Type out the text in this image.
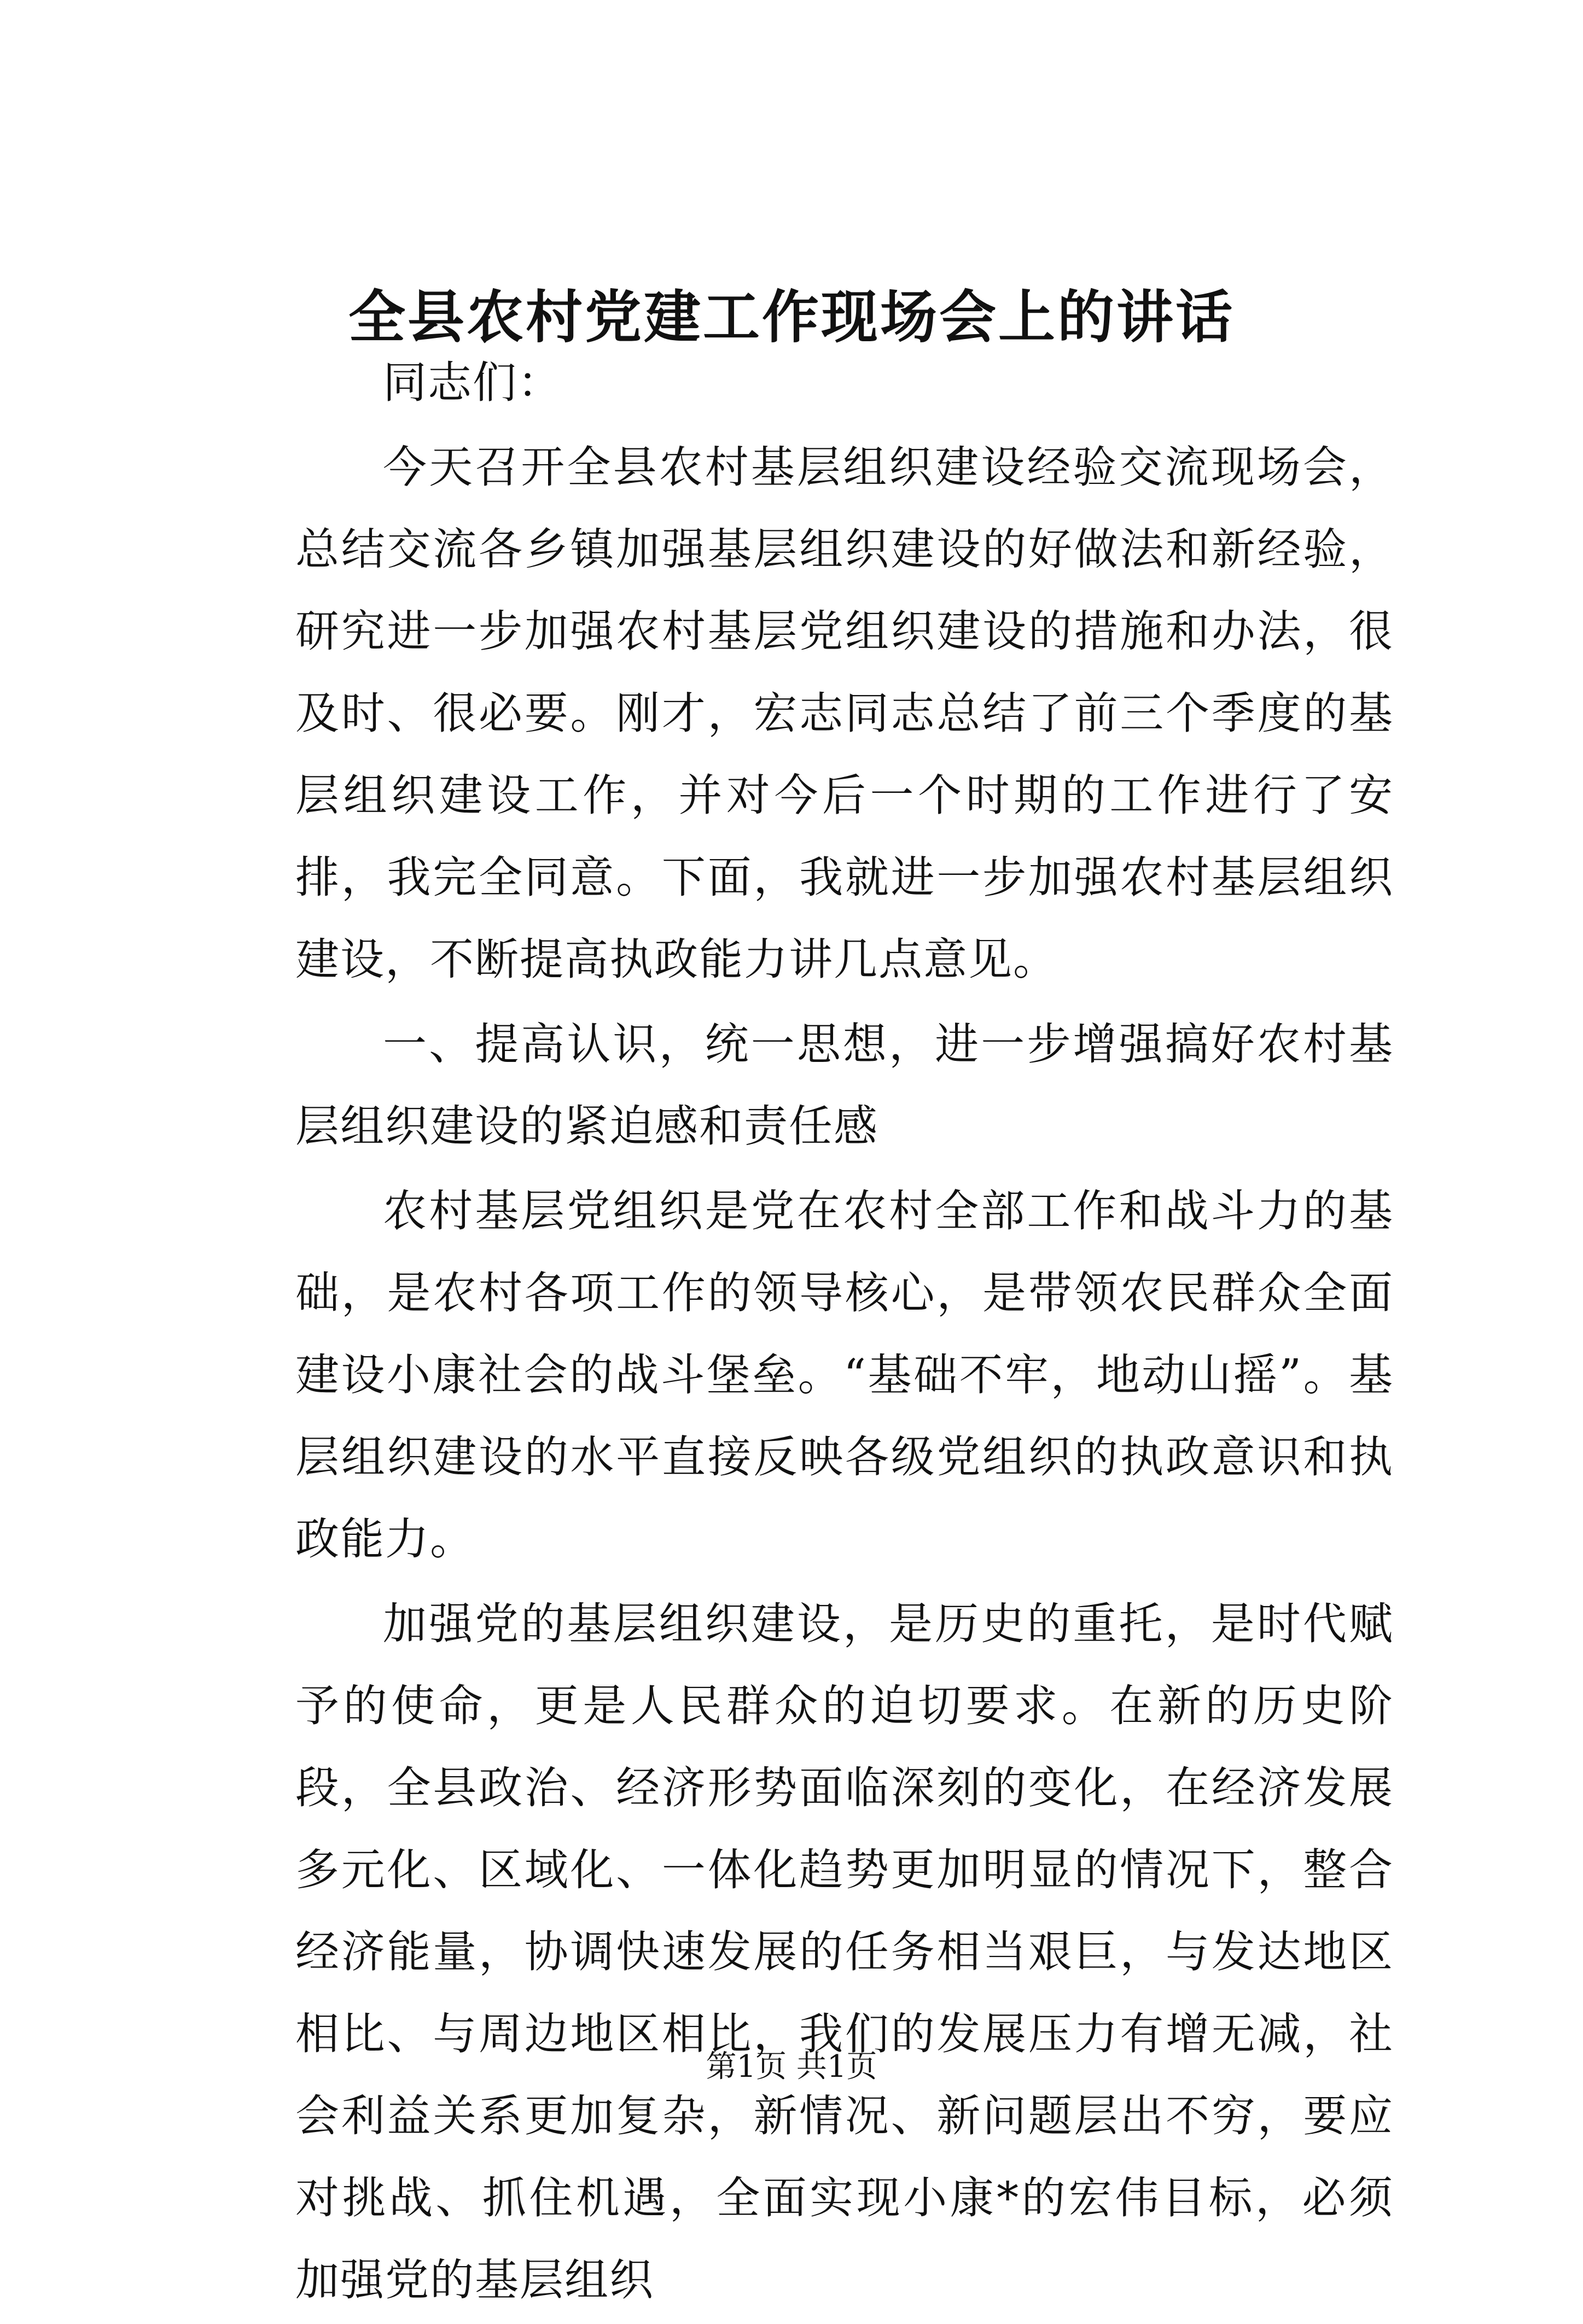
全县农村党建工作现场会上的讲话

同志们：

今天召开全县农村基层组织建设经验交流现场会，总结交流各乡镇加强基层组织建设的好做法和新经验，研究进一步加强农村基层党组织建设的措施和办法，很及时、很必要。刚才，宏志同志总结了前三个季度的基层组织建设工作，并对今后一个时期的工作进行了安排，我完全同意。下面，我就进一步加强农村基层组织建设，不断提高执政能力讲几点意见。

一、提高认识，统一思想，进一步增强搞好农村基层组织建设的紧迫感和责任感

农村基层党组织是党在农村全部工作和战斗力的基础，是农村各项工作的领导核心，是带领农民群众全面建设小康社会的战斗堡垒。“基础不牢，地动山摇”。基层组织建设的水平直接反映各级党组织的执政意识和执政能力。

加强党的基层组织建设，是历史的重托，是时代赋予的使命，更是人民群众的迫切要求。在新的历史阶段，全县政治、经济形势面临深刻的变化，在经济发展多元化、区域化、一体化趋势更加明显的情况下，整合经济能量，协调快速发展的任务相当艰巨，与发达地区相比、与周边地区相比，我们的发展压力有增无减，社会利益关系更加复杂，新情况、新问题层出不穷，要应对挑战、抓住机遇，全面实现小康*的宏伟目标，必须加强党的基层组织

第1页 共1页
